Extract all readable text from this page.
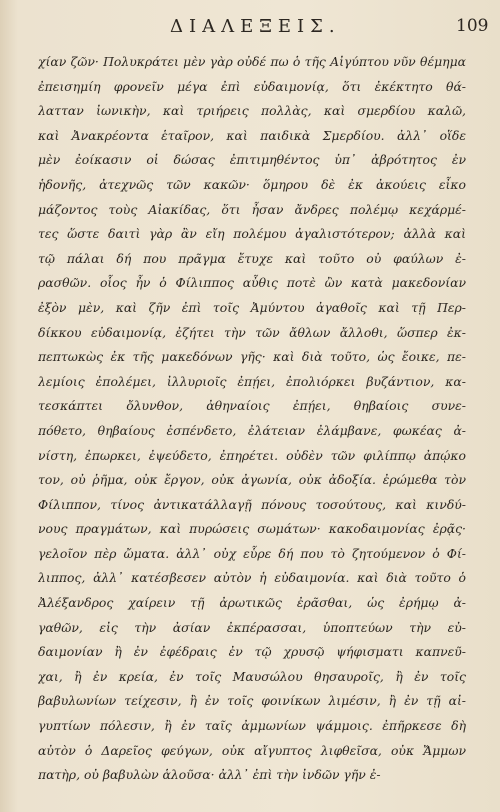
ΔΙΑΛΕΞΕΙΣ.	109
χίαν ζῶν· Πολυκράτει μὲν γὰρ οὐδέ πω ὁ τῆς Αἰγύπτου νῦν θέμημα
ἐπεισημίη φρονεῖν μέγα ἐπὶ εὐδαιμονίᾳ, ὅτι ἐκέκτητο θά-
λατταν ἰωνικὴν, καὶ τριήρεις πολλὰς, καὶ σμερδίου καλῶ,
καὶ Ἀνακρέοντα ἑταῖρον, καὶ παιδικὰ Σμερδίου. ἀλλ᾽ οἵδε
μὲν ἐοίκασιν οἱ δώσας ἐπιτιμηθέντος ὑπ᾽ ἀβρότητος ἐν
ἡδονῆς, ἀτεχνῶς τῶν κακῶν· ὅμηρου δὲ ἐκ ἀκούεις εἶκο
μάζοντος τοὺς Αἰακίδας, ὅτι ἦσαν ἄνδρες πολέμῳ κεχάρμέ-
τες ὥστε δαιτὶ γὰρ ἂν εἴη πολέμου ἀγαλιστότερον; ἀλλὰ καὶ
τῷ πάλαι δή που πρᾶγμα ἔτυχε καὶ τοῦτο οὐ φαύλων ἐ-
ρασθῶν. οἷος ἦν ὁ Φίλιππος αὖθις ποτὲ ὢν κατὰ μακεδονίαν
ἐξὸν μὲν, καὶ ζῆν ἐπὶ τοῖς Ἀμύντου ἀγαθοῖς καὶ τῇ Περ-
δίκκου εὐδαιμονίᾳ, ἐζήτει τὴν τῶν ἄθλων ἄλλοθι, ὥσπερ ἐκ-
πεπτωκὼς ἐκ τῆς μακεδόνων γῆς· καὶ διὰ τοῦτο, ὡς ἔοικε, πε-
λεμίοις ἐπολέμει, ἰλλυριοῖς ἐπῄει, ἐπολιόρκει βυζάντιον, κα-
τεσκάπτει ὄλυνθον, ἀθηναίοις ἐπῄει, θηβαίοις συνε-
πόθετο, θηβαίους ἐσπένδετο, ἐλάτειαν ἐλάμβανε, φωκέας ἀ-
νίστη, ἐπωρκει, ἐψεύδετο, ἐπηρέτει. οὐδὲν τῶν φιλίππῳ ἀπῴκο
τον, οὐ ῥῆμα, οὐκ ἔργον, οὐκ ἀγωνία, οὐκ ἀδοξία. ἐρώμεθα τὸν
Φίλιππον, τίνος ἀντικατάλλαγῇ πόνους τοσούτους, καὶ κινδύ-
νους πραγμάτων, καὶ πυρώσεις σωμάτων· κακοδαιμονίας ἐρᾷς·
γελοῖον πὲρ ὤματα. ἀλλ᾽ οὐχ εὗρε δή που τὸ ζητούμενον ὁ Φί-
λιππος, ἀλλ᾽ κατέσβεσεν αὐτὸν ἡ εὐδαιμονία. καὶ διὰ τοῦτο ὁ
Ἀλέξανδρος χαίρειν τῇ ἀρωτικῶς ἐρᾶσθαι, ὡς ἐρήμῳ ἀ-
γαθῶν, εἰς τὴν ἀσίαν ἐκπέρασσαι, ὑποπτεύων τὴν εὐ-
δαιμονίαν ἢ ἐν ἐφέδραις ἐν τῷ χρυσῷ ψήφισματι καπνεῦ-
χαι, ἢ ἐν κρεία, ἐν τοῖς Μαυσώλου θησαυροῖς, ἢ ἐν τοῖς
βαβυλωνίων τείχεσιν, ἢ ἐν τοῖς φοινίκων λιμέσιν, ἢ ἐν τῇ αἰ-
γυπτίων πόλεσιν, ἢ ἐν ταῖς ἀμμωνίων ψάμμοις. ἐπῆρκεσε δὴ
αὐτὸν ὁ Δαρεῖος φεύγων, οὐκ αἴγυπτος λιφθεῖσα, οὐκ Ἄμμων
πατὴρ, οὐ βαβυλὼν ἁλοῦσα· ἀλλ᾽ ἐπὶ τὴν ἰνδῶν γῆν ἐ-
